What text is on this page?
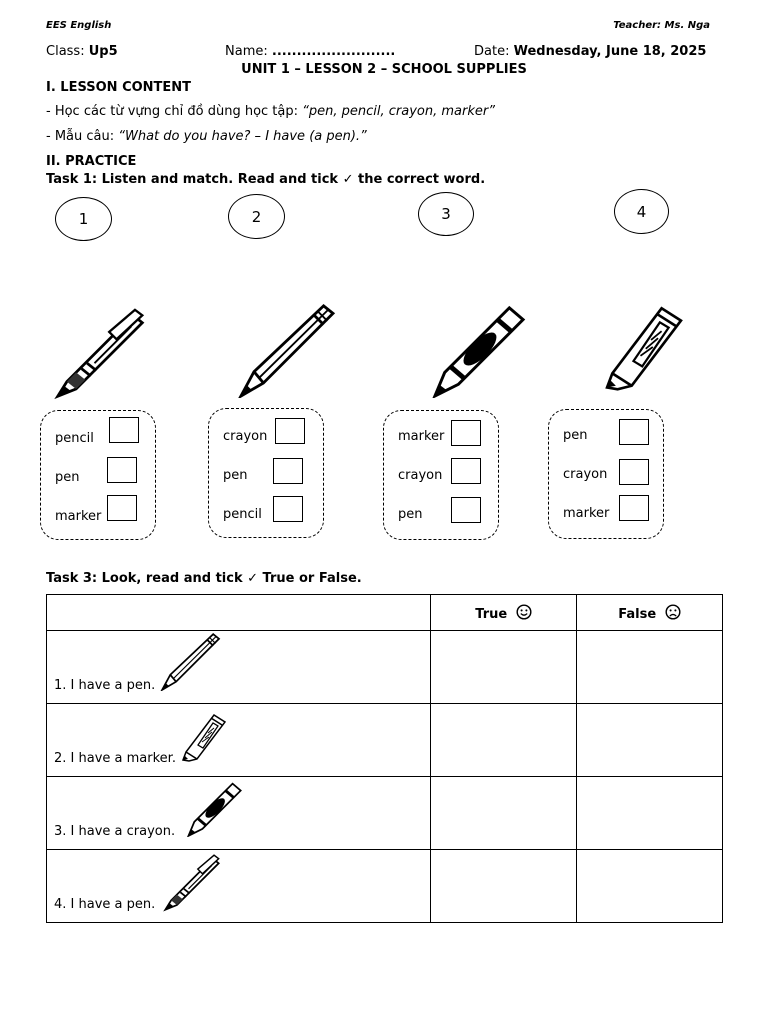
EES English	Teacher: Ms. Nga
Class: Up5	Name: .........................	Date: Wednesday, June 18, 2025
UNIT 1 – LESSON 2 – SCHOOL SUPPLIES
I. LESSON CONTENT
- Học các từ vựng chỉ đồ dùng học tập: “pen, pencil, crayon, marker”
- Mẫu câu: “What do you have? – I have (a pen).”
II. PRACTICE
Task 1: Listen and match. Read and tick ✓ the correct word.
1	2	3	4
pencil
pen
marker
crayon
pen
pencil
marker
crayon
pen
pen
crayon
marker
Task 3: Look, read and tick ✓ True or False.
	True	False

1. I have a pen.		

2. I have a marker.		

3. I have a crayon.		

4. I have a pen.		
